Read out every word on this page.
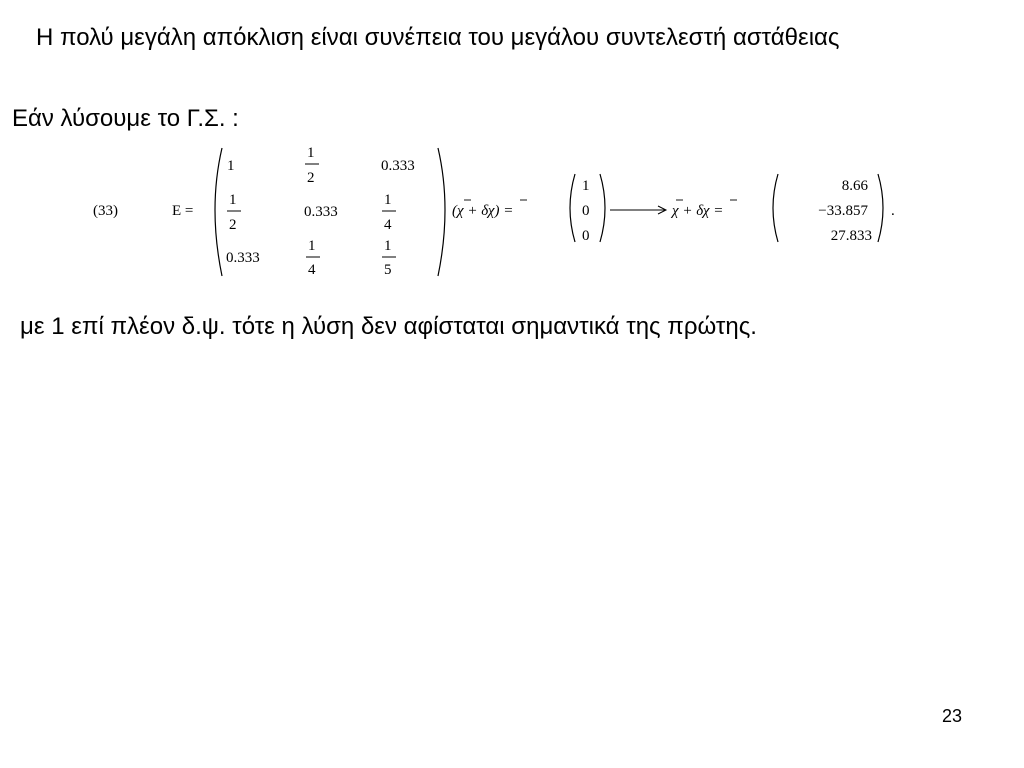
Η πολύ μεγάλη απόκλιση είναι συνέπεια του μεγάλου συντελεστή αστάθειας
Εάν λύσουμε το Γ.Σ. :
(33)	E =
1
1
2
0.333
1
2
0.333
1
4
0.333
1
4
1
5
(χ + δχ) =
1
0
0
χ + δχ =
8.66
−33.857
27.833
.
με 1 επί πλέον δ.ψ. τότε η λύση δεν αφίσταται σημαντικά της πρώτης.
23
